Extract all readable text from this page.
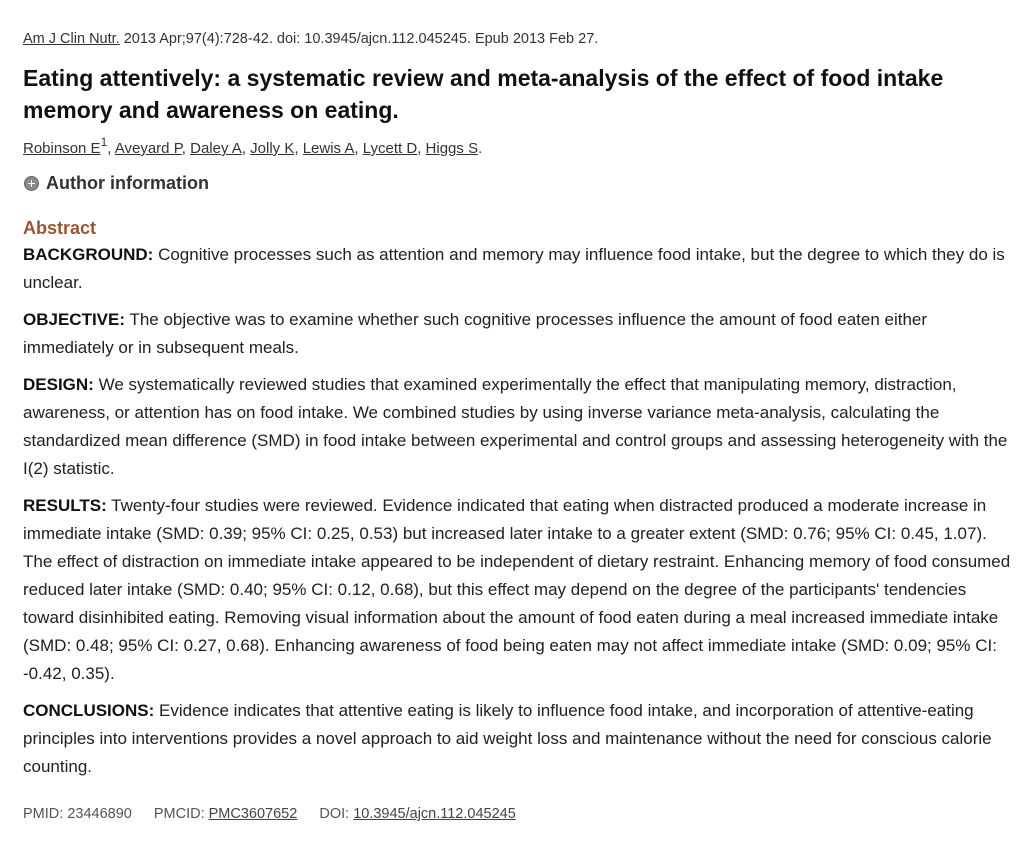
Am J Clin Nutr. 2013 Apr;97(4):728-42. doi: 10.3945/ajcn.112.045245. Epub 2013 Feb 27.
Eating attentively: a systematic review and meta-analysis of the effect of food intake memory and awareness on eating.
Robinson $E^1$, Aveyard P, Daley A, Jolly K, Lewis A, Lycett D, Higgs S.
Author information
Abstract

BACKGROUND: Cognitive processes such as attention and memory may influence food intake, but the degree to which they do is unclear.

OBJECTIVE: The objective was to examine whether such cognitive processes influence the amount of food eaten either immediately or in subsequent meals.

DESIGN: We systematically reviewed studies that examined experimentally the effect that manipulating memory, distraction, awareness, or attention has on food intake. We combined studies by using inverse variance meta-analysis, calculating the standardized mean difference (SMD) in food intake between experimental and control groups and assessing heterogeneity with the I(2) statistic.

RESULTS: Twenty-four studies were reviewed. Evidence indicated that eating when distracted produced a moderate increase in immediate intake (SMD: 0.39; 95% CI: 0.25, 0.53) but increased later intake to a greater extent (SMD: 0.76; 95% CI: 0.45, 1.07). The effect of distraction on immediate intake appeared to be independent of dietary restraint. Enhancing memory of food consumed reduced later intake (SMD: 0.40; 95% CI: 0.12, 0.68), but this effect may depend on the degree of the participants' tendencies toward disinhibited eating. Removing visual information about the amount of food eaten during a meal increased immediate intake (SMD: 0.48; 95% CI: 0.27, 0.68). Enhancing awareness of food being eaten may not affect immediate intake (SMD: 0.09; 95% CI: -0.42, 0.35).

CONCLUSIONS: Evidence indicates that attentive eating is likely to influence food intake, and incorporation of attentive-eating principles into interventions provides a novel approach to aid weight loss and maintenance without the need for conscious calorie counting.

PMID: 23446890 PMCID: PMC3607652 DOI: 10.3945/ajcn.112.045245
